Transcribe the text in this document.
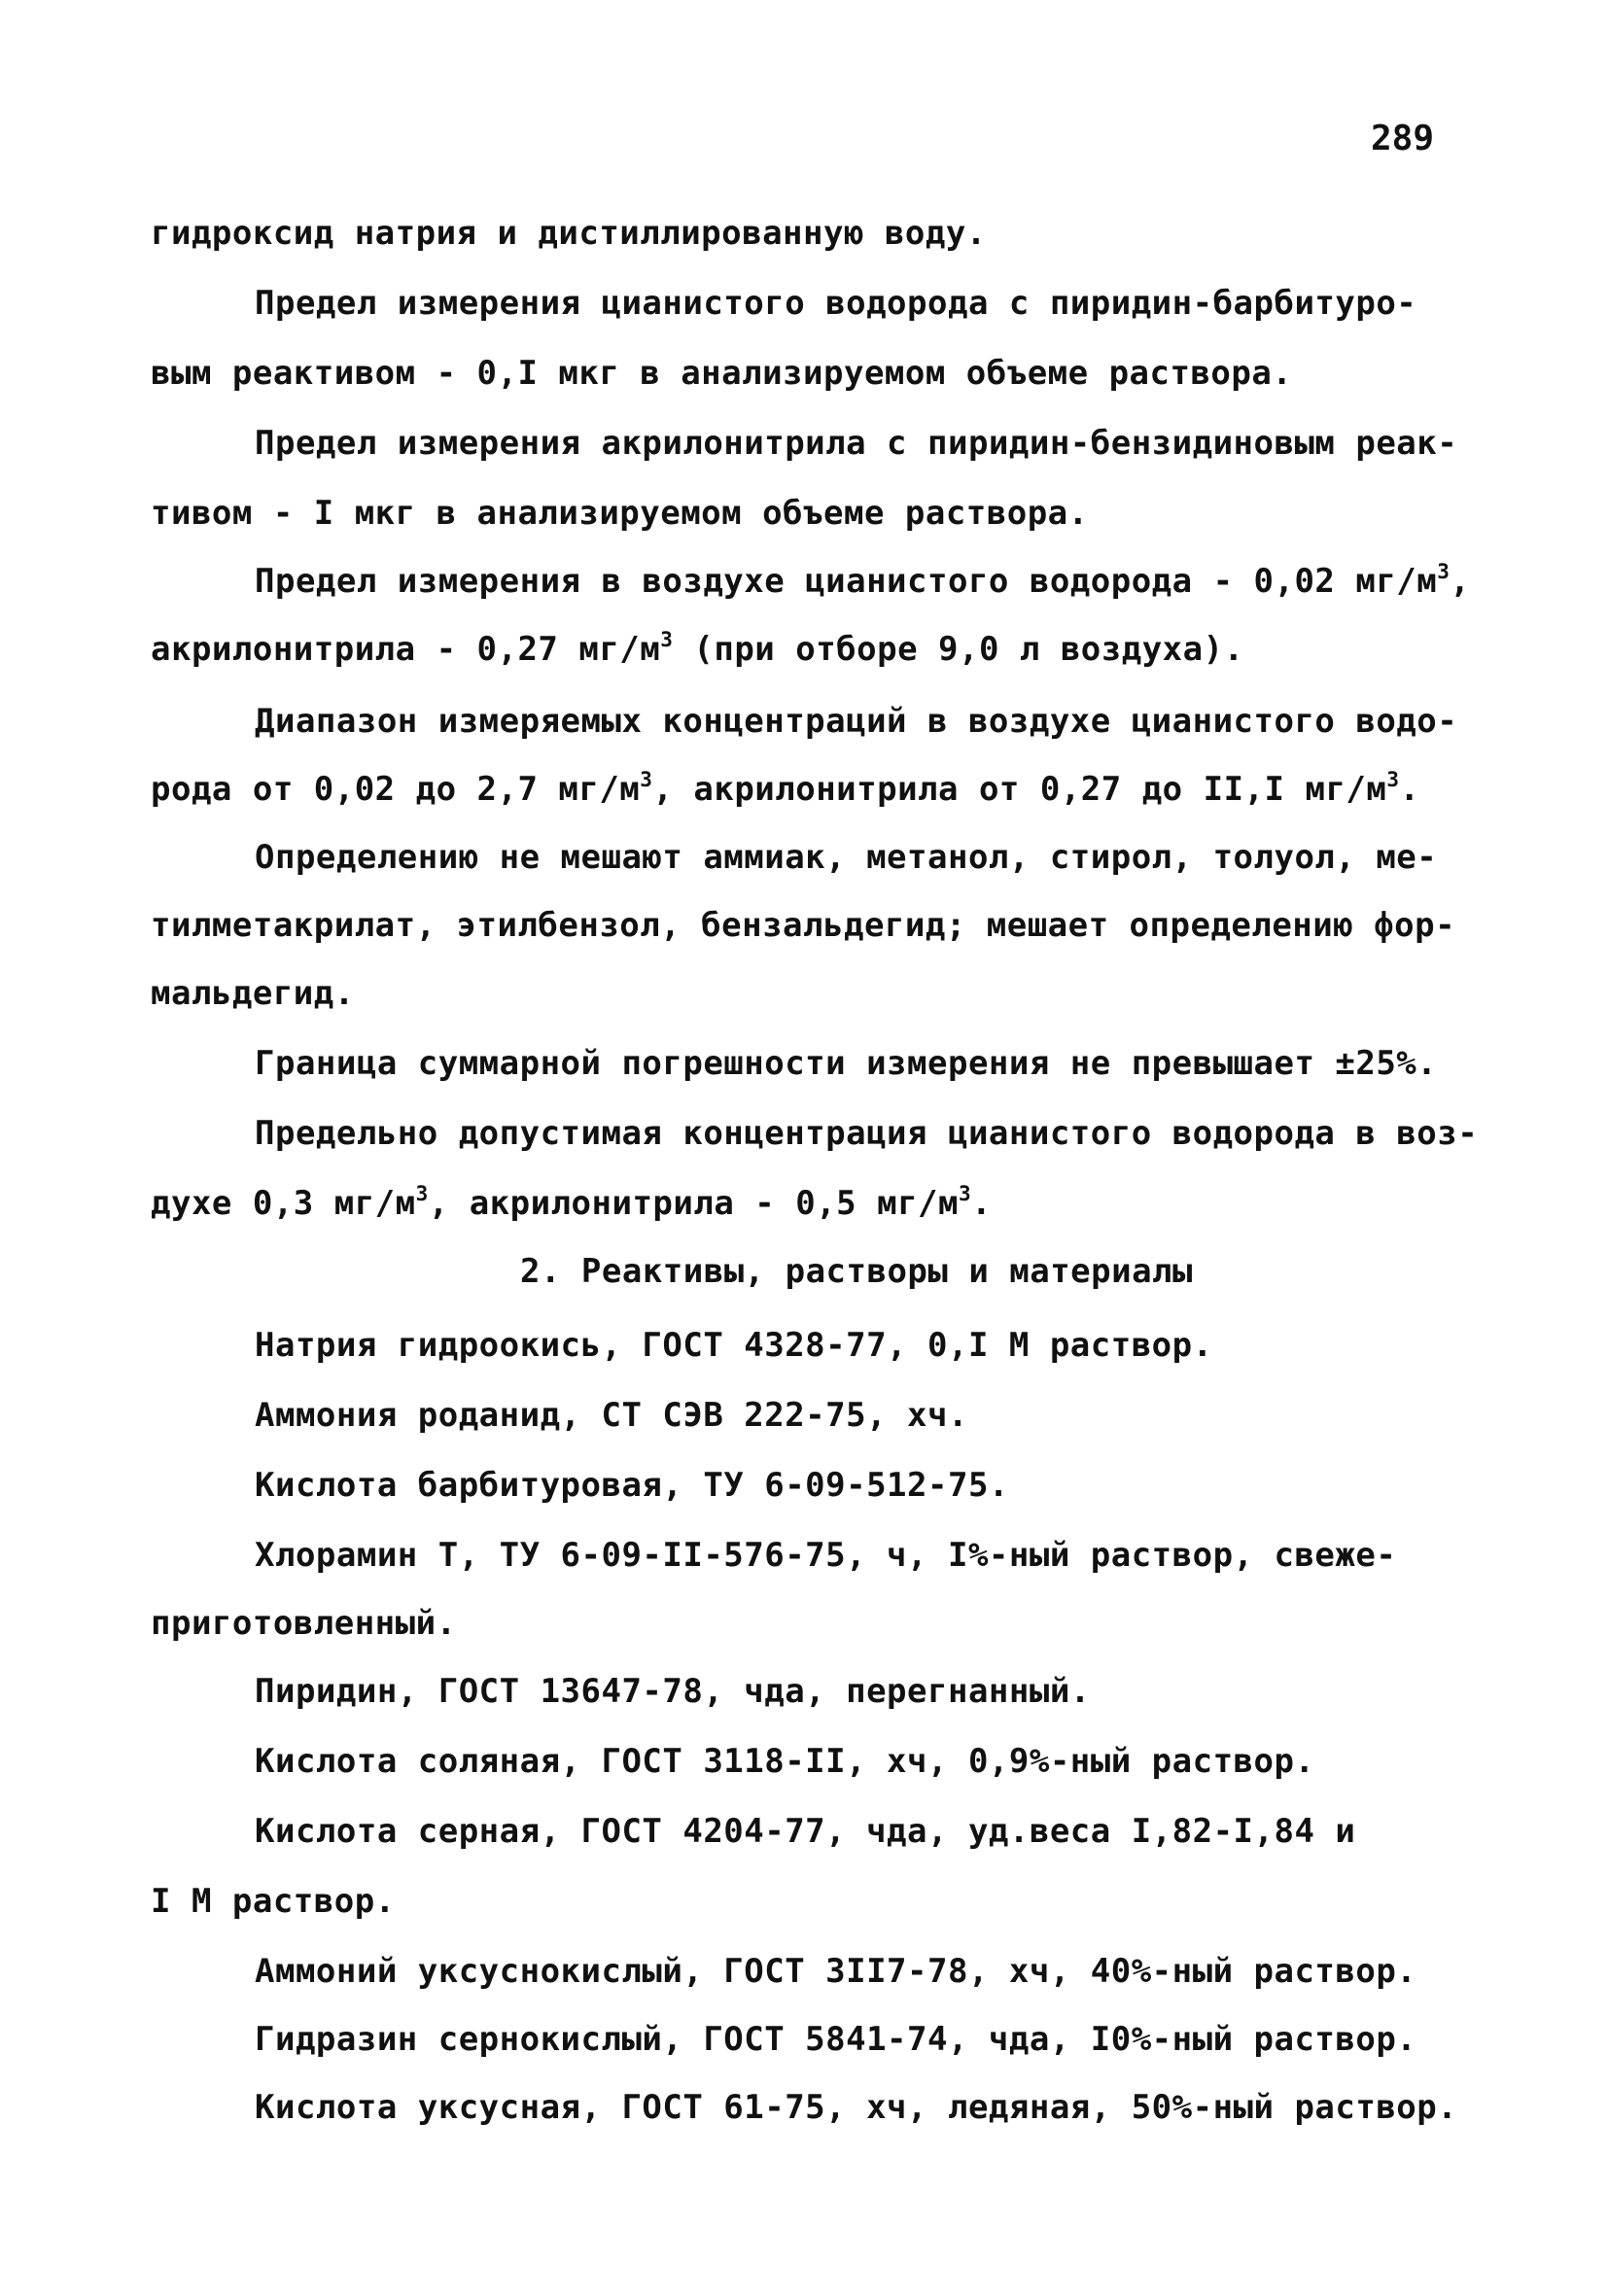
289
гидроксид натрия и дистиллированную воду.
Предел измерения цианистого водорода с пиридин-барбитуро-
вым реактивом - 0,I мкг в анализируемом объеме раствора.
Предел измерения акрилонитрила с пиридин-бензидиновым реак-
тивом - I мкг в анализируемом объеме раствора.
Предел измерения в воздухе цианистого водорода - 0,02 $мг/м^3$,
акрилонитрила - 0,27 $мг/м^3$ (при отборе 9,0 л воздуха).
Диапазон измеряемых концентраций в воздухе цианистого водо-
рода от 0,02 до 2,7 $мг/м^3$, акрилонитрила от 0,27 до II,I $мг/м^3$.
Определению не мешают аммиак, метанол, стирол, толуол, ме-
тилметакрилат, этилбензол, бензальдегид; мешает определению фор-
мальдегид.
Граница суммарной погрешности измерения не превышает ±25%.
Предельно допустимая концентрация цианистого водорода в воз-
духе 0,3 $мг/м^3$, акрилонитрила - 0,5 $мг/м^3$.
2. Реактивы, растворы и материалы
Натрия гидроокись, ГОСТ 4328-77, 0,I М раствор.
Аммония роданид, СТ СЭВ 222-75, хч.
Кислота барбитуровая, ТУ 6-09-512-75.
Хлорамин Т, ТУ 6-09-II-576-75, ч, I%-ный раствор, свеже-
приготовленный.
Пиридин, ГОСТ 13647-78, чда, перегнанный.
Кислота соляная, ГОСТ 3118-II, хч, 0,9%-ный раствор.
Кислота серная, ГОСТ 4204-77, чда, уд.веса I,82-I,84 и
I М раствор.
Аммоний уксуснокислый, ГОСТ 3II7-78, хч, 40%-ный раствор.
Гидразин сернокислый, ГОСТ 5841-74, чда, I0%-ный раствор.
Кислота уксусная, ГОСТ 61-75, хч, ледяная, 50%-ный раствор.
